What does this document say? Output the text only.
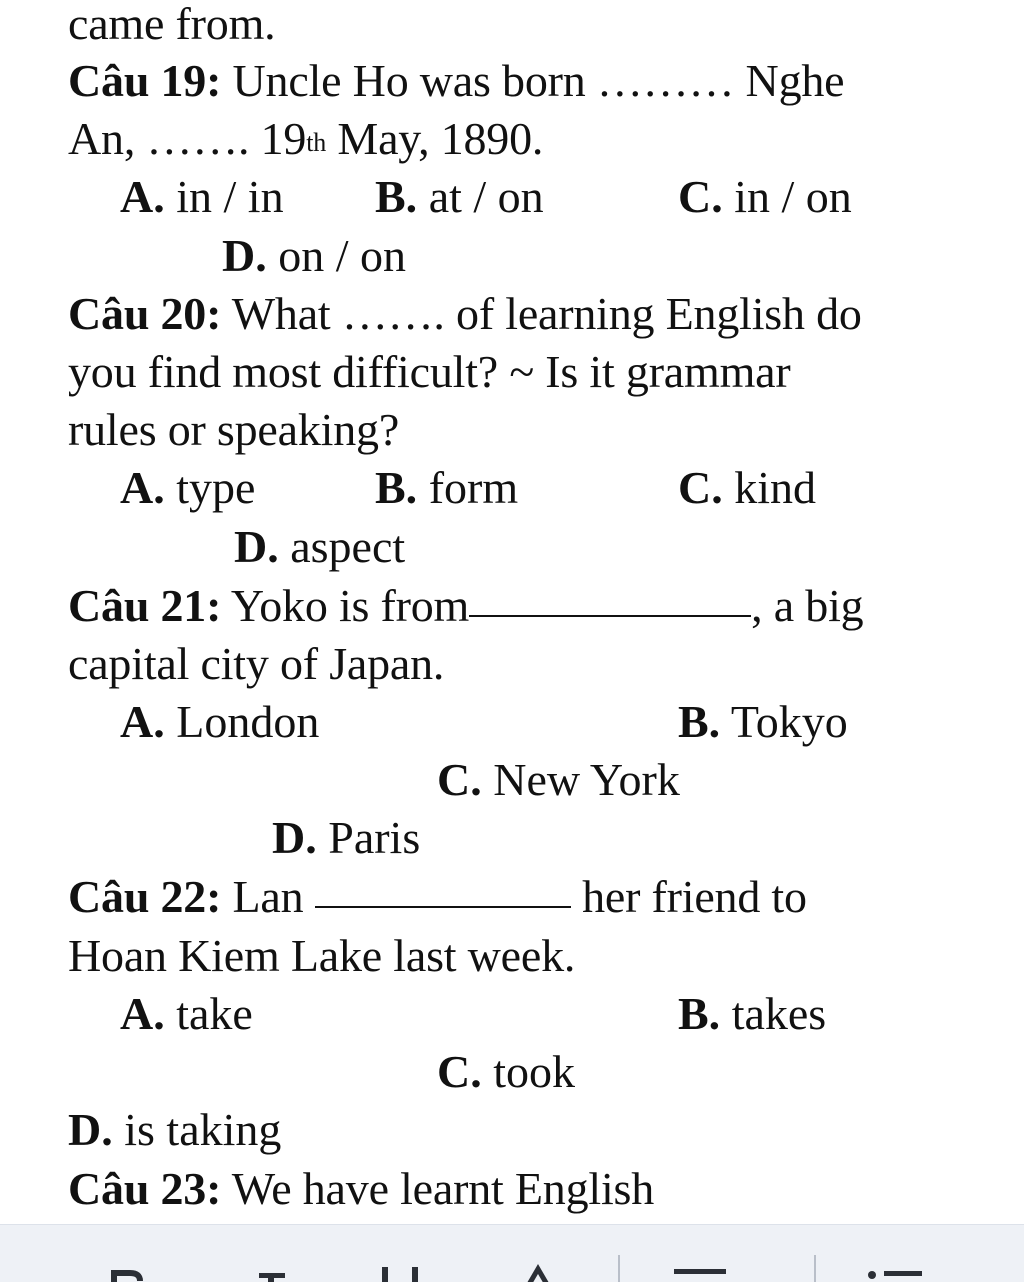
came from.
Câu 19: Uncle Ho was born ……… Nghe
An, ……. 19th May, 1890.
A. in / in B. at / on	C. in / on
D. on / on
Câu 20: What ……. of learning English do
you find most difficult? ~ Is it grammar
rules or speaking?
A. type	B. form	C. kind
D. aspect
Câu 21: Yoko is from	, a big
capital city of Japan.
A. London	B. Tokyo
C. New York
D. Paris
Câu 22: Lan	her friend to
Hoan Kiem Lake last week.
A. take	B. takes
C. took
D. is taking
Câu 23: We have learnt English
